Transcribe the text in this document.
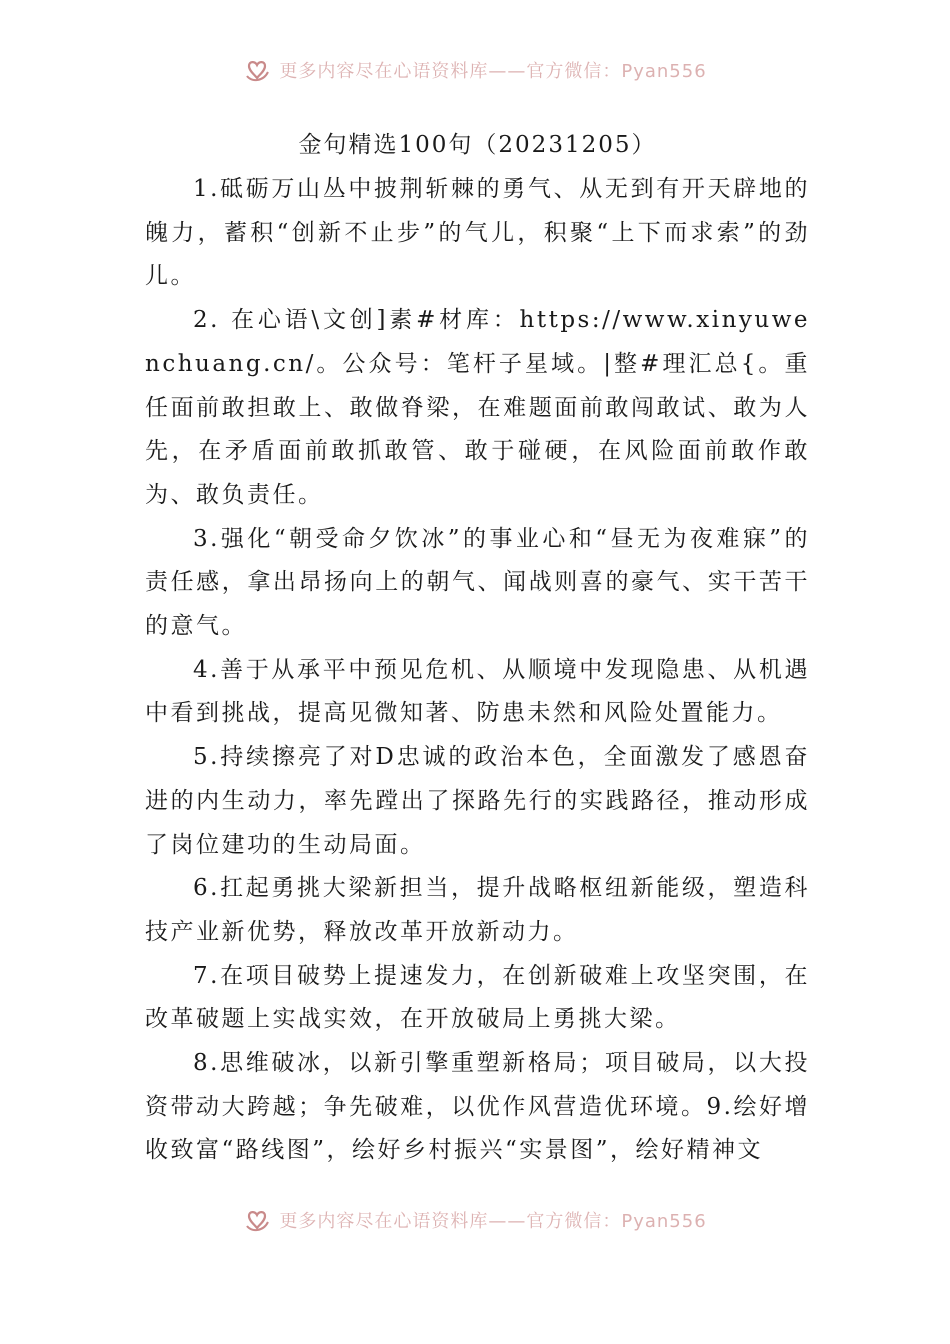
更多内容尽在心语资料库——官方微信：Pyan556
金句精选100句（20231205）

1.砥砺万山丛中披荆斩棘的勇气、从无到有开天辟地的魄力，蓄积“创新不止步”的气儿，积聚“上下而求索”的劲儿。

2. 在心语\文创]素#材库：https://www.xinyuwenchuang.cn/。公众号：笔杆子星域。|整#理汇总{。重任面前敢担敢上、敢做脊梁，在难题面前敢闯敢试、敢为人先，在矛盾面前敢抓敢管、敢于碰硬，在风险面前敢作敢为、敢负责任。

3.强化“朝受命夕饮冰”的事业心和“昼无为夜难寐”的责任感，拿出昂扬向上的朝气、闻战则喜的豪气、实干苦干的意气。

4.善于从承平中预见危机、从顺境中发现隐患、从机遇中看到挑战，提高见微知著、防患未然和风险处置能力。

5.持续擦亮了对D忠诚的政治本色，全面激发了感恩奋进的内生动力，率先蹚出了探路先行的实践路径，推动形成了岗位建功的生动局面。

6.扛起勇挑大梁新担当，提升战略枢纽新能级，塑造科技产业新优势，释放改革开放新动力。

7.在项目破势上提速发力，在创新破难上攻坚突围，在改革破题上实战实效，在开放破局上勇挑大梁。

8.思维破冰，以新引擎重塑新格局；项目破局，以大投资带动大跨越；争先破难，以优作风营造优环境。9.绘好增收致富“路线图”，绘好乡村振兴“实景图”，绘好精神文

更多内容尽在心语资料库——官方微信：Pyan556
